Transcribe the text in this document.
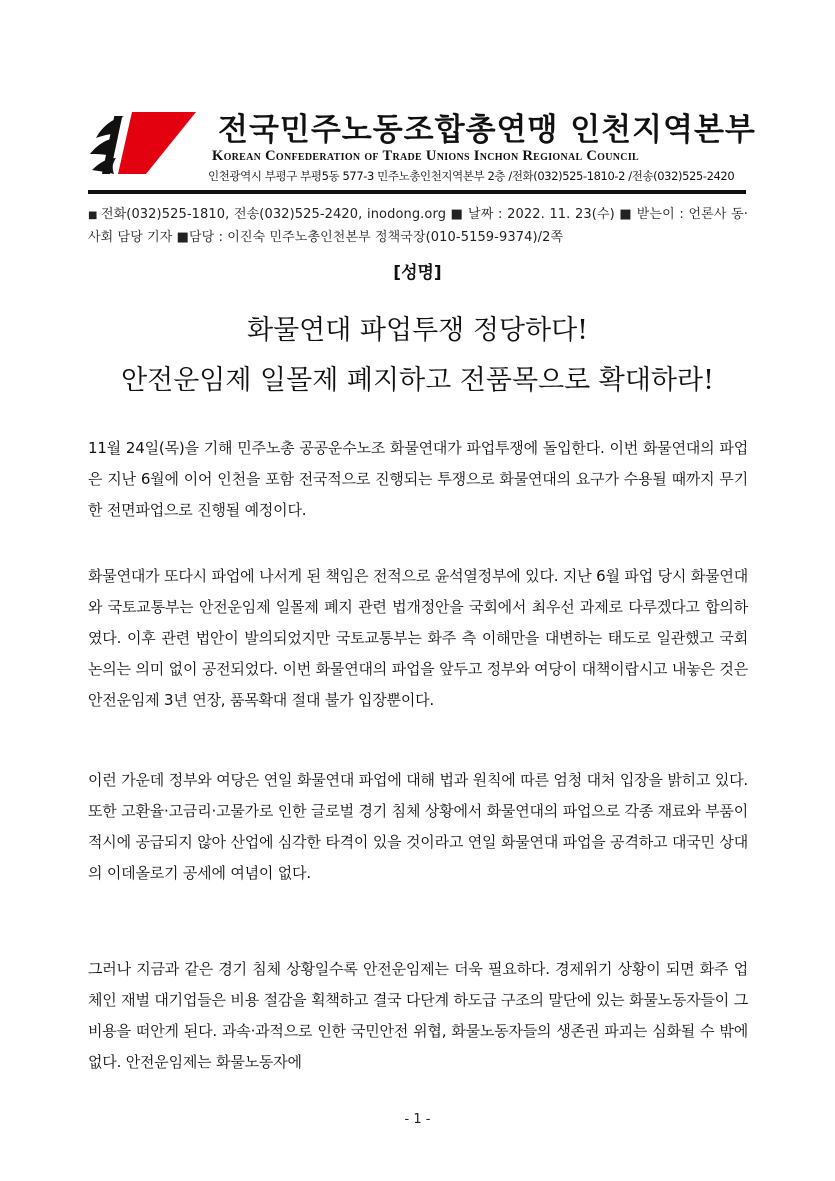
전국민주노동조합총연맹 인천지역본부
Korean Confederation of Trade Unions Inchon Regional Council
인천광역시 부평구 부평5동 577-3 민주노총인천지역본부 2층 /전화(032)525-1810-2 /전송(032)525-2420
■ 전화(032)525-1810, 전송(032)525-2420, inodong.org ■ 날짜 : 2022. 11. 23(수) ■ 받는이 : 언론사 동·사회 담당 기자 ■담당 : 이진숙 민주노총인천본부 정책국장(010-5159-9374)/2쪽
[성명]
화물연대 파업투쟁 정당하다!
안전운임제 일몰제 폐지하고 전품목으로 확대하라!
11월 24일(목)을 기해 민주노총 공공운수노조 화물연대가 파업투쟁에 돌입한다. 이번 화물연대의 파업은 지난 6월에 이어 인천을 포함 전국적으로 진행되는 투쟁으로 화물연대의 요구가 수용될 때까지 무기한 전면파업으로 진행될 예정이다.
화물연대가 또다시 파업에 나서게 된 책임은 전적으로 윤석열정부에 있다. 지난 6월 파업 당시 화물연대와 국토교통부는 안전운임제 일몰제 폐지 관련 법개정안을 국회에서 최우선 과제로 다루겠다고 합의하였다. 이후 관련 법안이 발의되었지만 국토교통부는 화주 측 이해만을 대변하는 태도로 일관했고 국회 논의는 의미 없이 공전되었다. 이번 화물연대의 파업을 앞두고 정부와 여당이 대책이랍시고 내놓은 것은 안전운임제 3년 연장, 품목확대 절대 불가 입장뿐이다.
이런 가운데 정부와 여당은 연일 화물연대 파업에 대해 법과 원칙에 따른 엄청 대처 입장을 밝히고 있다. 또한 고환율·고금리·고물가로 인한 글로벌 경기 침체 상황에서 화물연대의 파업으로 각종 재료와 부품이 적시에 공급되지 않아 산업에 심각한 타격이 있을 것이라고 연일 화물연대 파업을 공격하고 대국민 상대의 이데올로기 공세에 여념이 없다.
그러나 지금과 같은 경기 침체 상황일수록 안전운임제는 더욱 필요하다. 경제위기 상황이 되면 화주 업체인 재벌 대기업들은 비용 절감을 획책하고 결국 다단계 하도급 구조의 말단에 있는 화물노동자들이 그 비용을 떠안게 된다. 과속·과적으로 인한 국민안전 위협, 화물노동자들의 생존권 파괴는 심화될 수 밖에 없다. 안전운임제는 화물노동자에
- 1 -
